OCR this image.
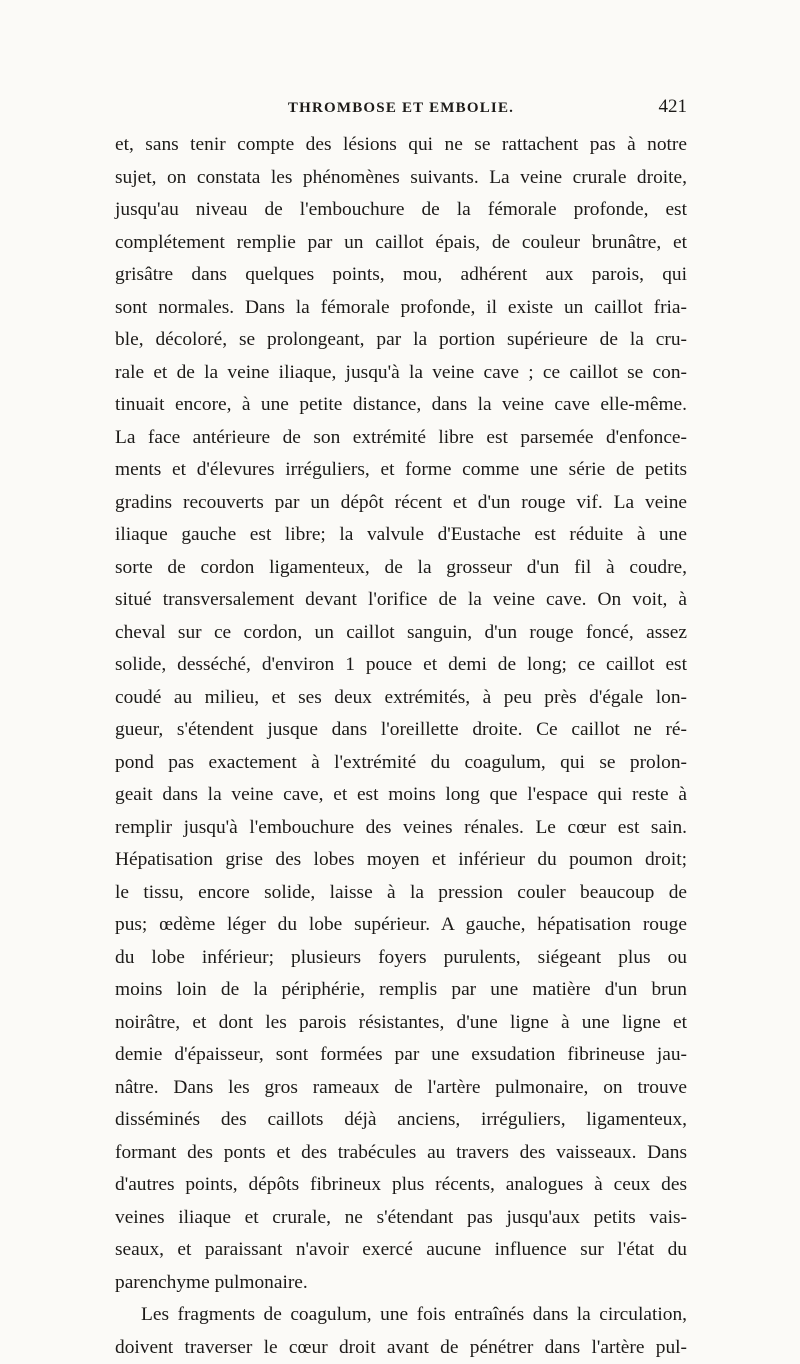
THROMBOSE ET EMBOLIE.	421
et, sans tenir compte des lésions qui ne se rattachent pas à notre
sujet, on constata les phénomènes suivants. La veine crurale droite,
jusqu'au niveau de l'embouchure de la fémorale profonde, est
complétement remplie par un caillot épais, de couleur brunâtre, et
grisâtre dans quelques points, mou, adhérent aux parois, qui
sont normales. Dans la fémorale profonde, il existe un caillot fria-
ble, décoloré, se prolongeant, par la portion supérieure de la cru-
rale et de la veine iliaque, jusqu'à la veine cave ; ce caillot se con-
tinuait encore, à une petite distance, dans la veine cave elle-même.
La face antérieure de son extrémité libre est parsemée d'enfonce-
ments et d'élevures irréguliers, et forme comme une série de petits
gradins recouverts par un dépôt récent et d'un rouge vif. La veine
iliaque gauche est libre; la valvule d'Eustache est réduite à une
sorte de cordon ligamenteux, de la grosseur d'un fil à coudre,
situé transversalement devant l'orifice de la veine cave. On voit, à
cheval sur ce cordon, un caillot sanguin, d'un rouge foncé, assez
solide, desséché, d'environ 1 pouce et demi de long; ce caillot est
coudé au milieu, et ses deux extrémités, à peu près d'égale lon-
gueur, s'étendent jusque dans l'oreillette droite. Ce caillot ne ré-
pond pas exactement à l'extrémité du coagulum, qui se prolon-
geait dans la veine cave, et est moins long que l'espace qui reste à
remplir jusqu'à l'embouchure des veines rénales. Le cœur est sain.
Hépatisation grise des lobes moyen et inférieur du poumon droit;
le tissu, encore solide, laisse à la pression couler beaucoup de
pus; œdème léger du lobe supérieur. A gauche, hépatisation rouge
du lobe inférieur; plusieurs foyers purulents, siégeant plus ou
moins loin de la périphérie, remplis par une matière d'un brun
noirâtre, et dont les parois résistantes, d'une ligne à une ligne et
demie d'épaisseur, sont formées par une exsudation fibrineuse jau-
nâtre. Dans les gros rameaux de l'artère pulmonaire, on trouve
disséminés des caillots déjà anciens, irréguliers, ligamenteux,
formant des ponts et des trabécules au travers des vaisseaux. Dans
d'autres points, dépôts fibrineux plus récents, analogues à ceux des
veines iliaque et crurale, ne s'étendant pas jusqu'aux petits vais-
seaux, et paraissant n'avoir exercé aucune influence sur l'état du
parenchyme pulmonaire.
Les fragments de coagulum, une fois entraînés dans la circulation,
doivent traverser le cœur droit avant de pénétrer dans l'artère pul-
